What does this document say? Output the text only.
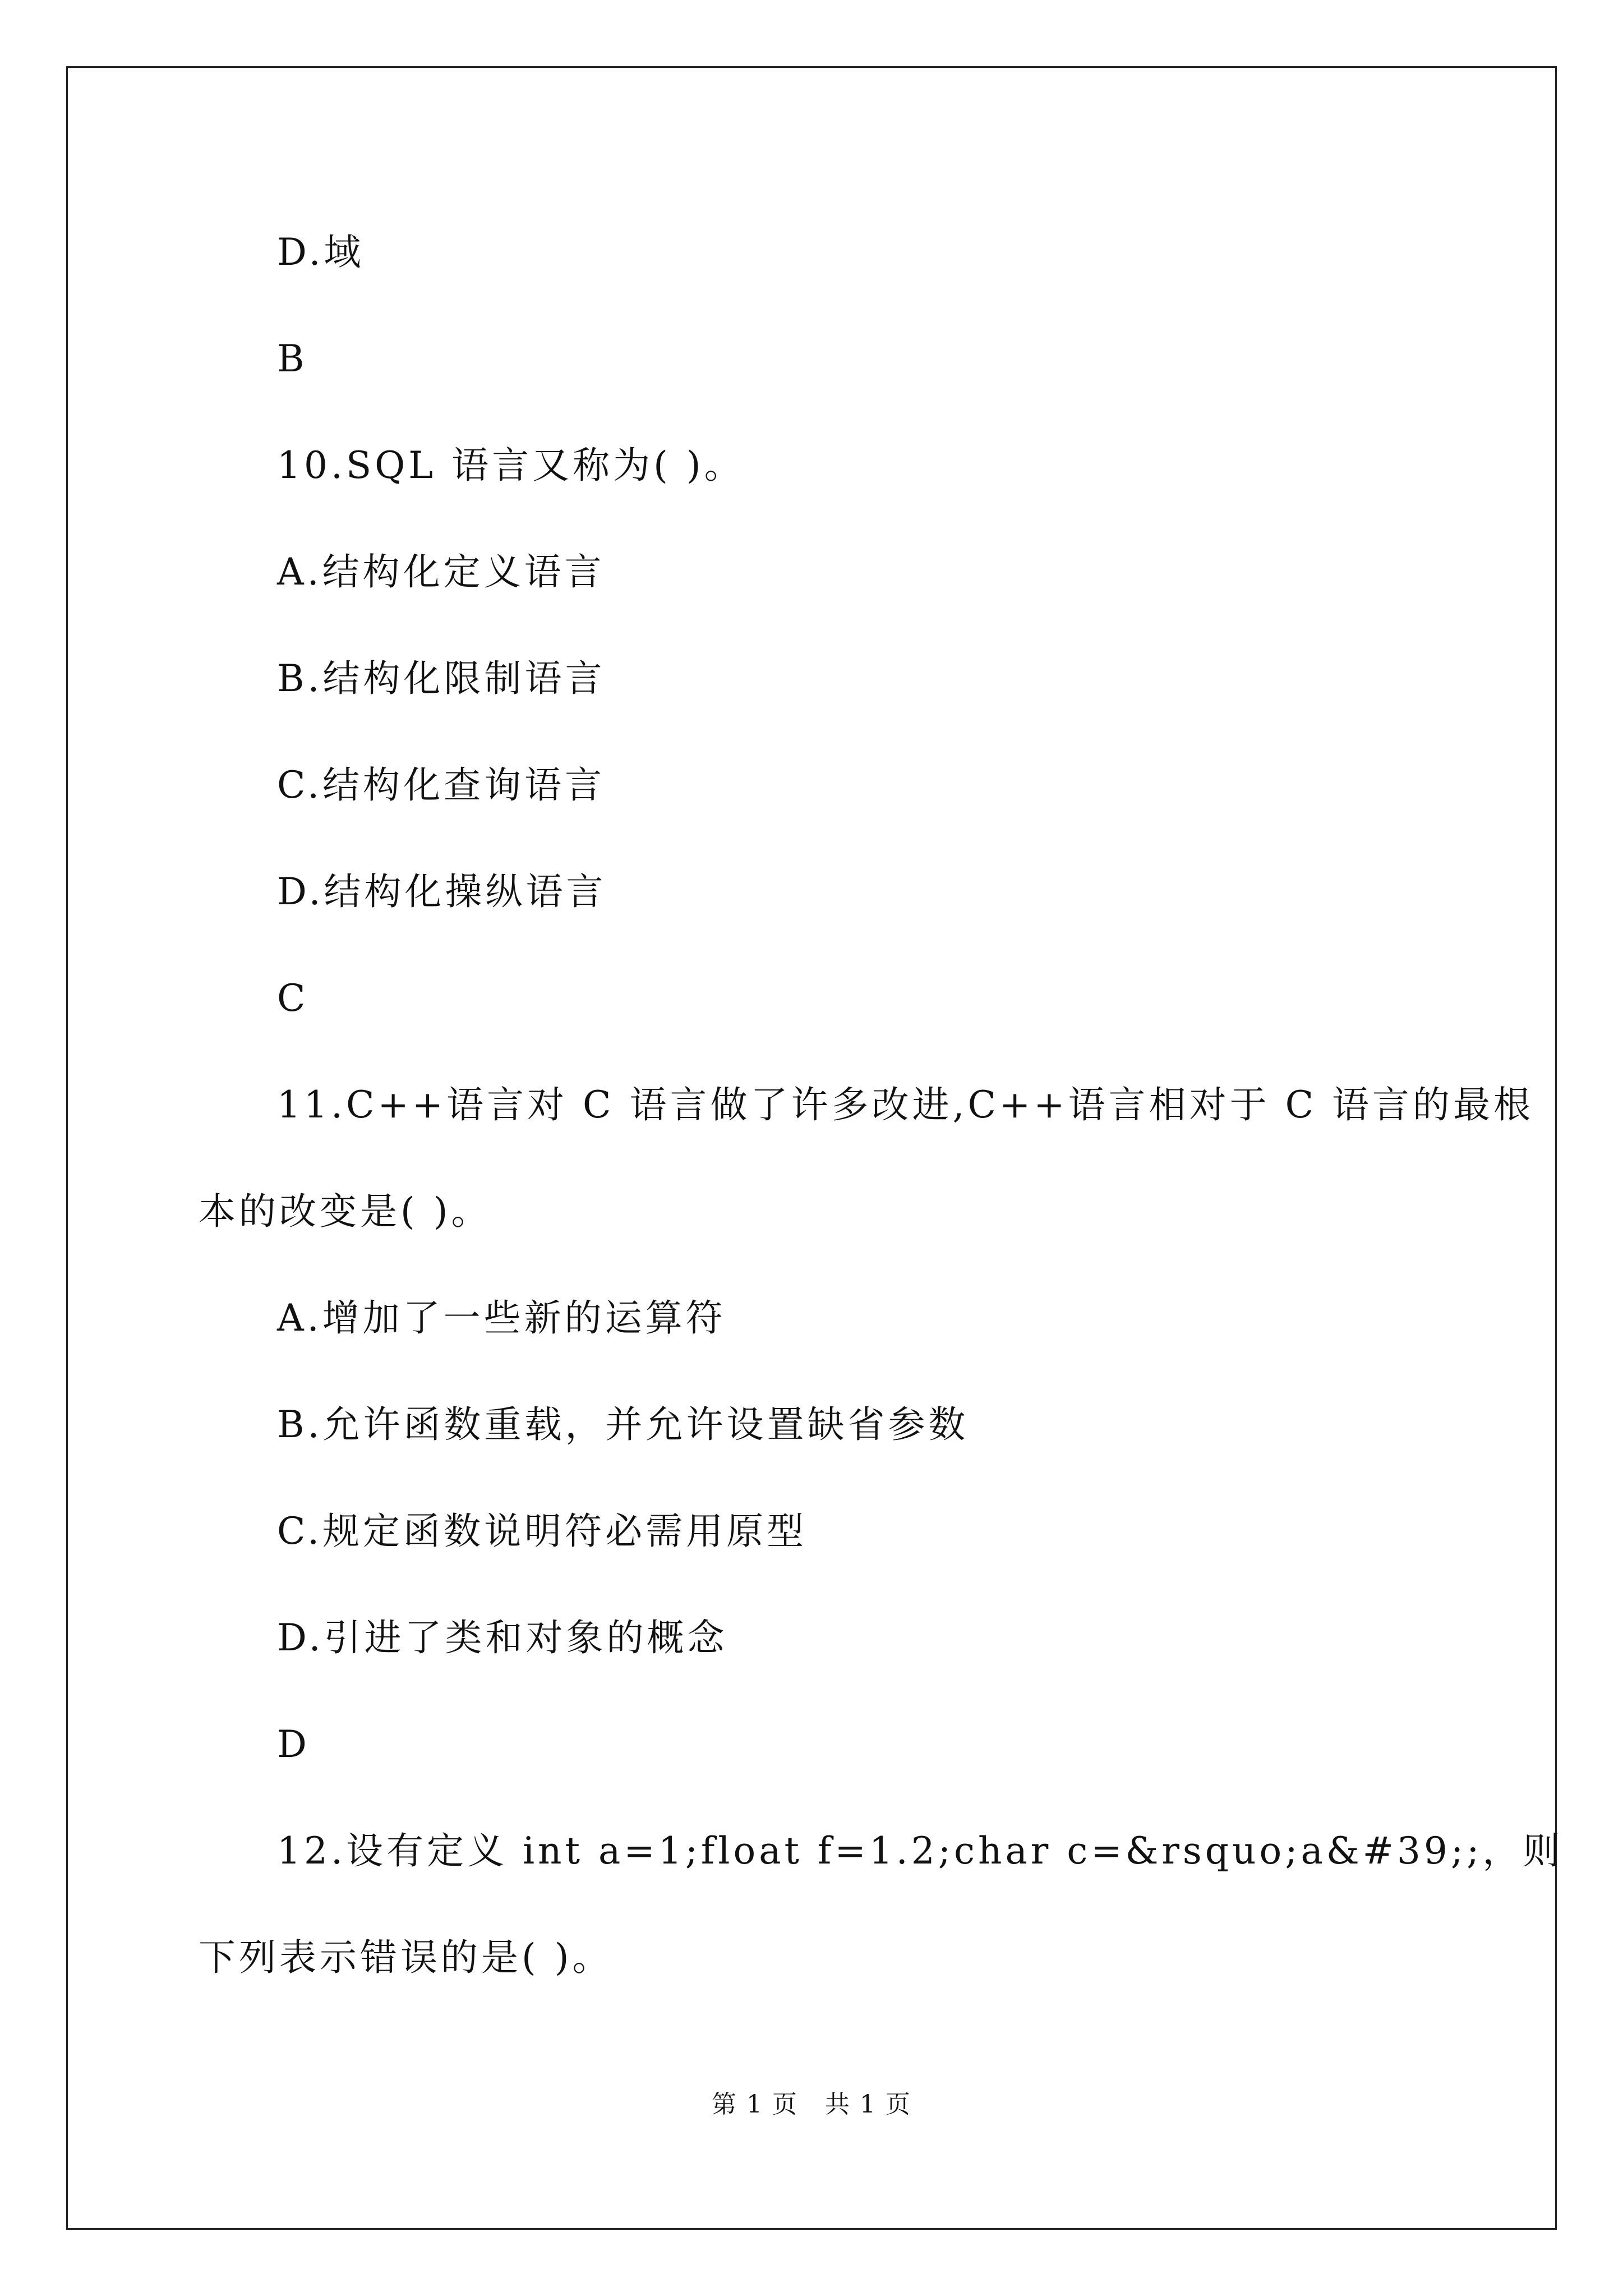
D.域
B
10.SQL 语言又称为( )。
A.结构化定义语言
B.结构化限制语言
C.结构化查询语言
D.结构化操纵语言
C
11.C++语言对 C 语言做了许多改进,C++语言相对于 C 语言的最根
本的改变是( )。
A.增加了一些新的运算符
B.允许函数重载，并允许设置缺省参数
C.规定函数说明符必需用原型
D.引进了类和对象的概念
D
12.设有定义 int a=1;float f=1.2;char c=&rsquo;a&#39;;，则
下列表示错误的是( )。
第 1 页 共 1 页
